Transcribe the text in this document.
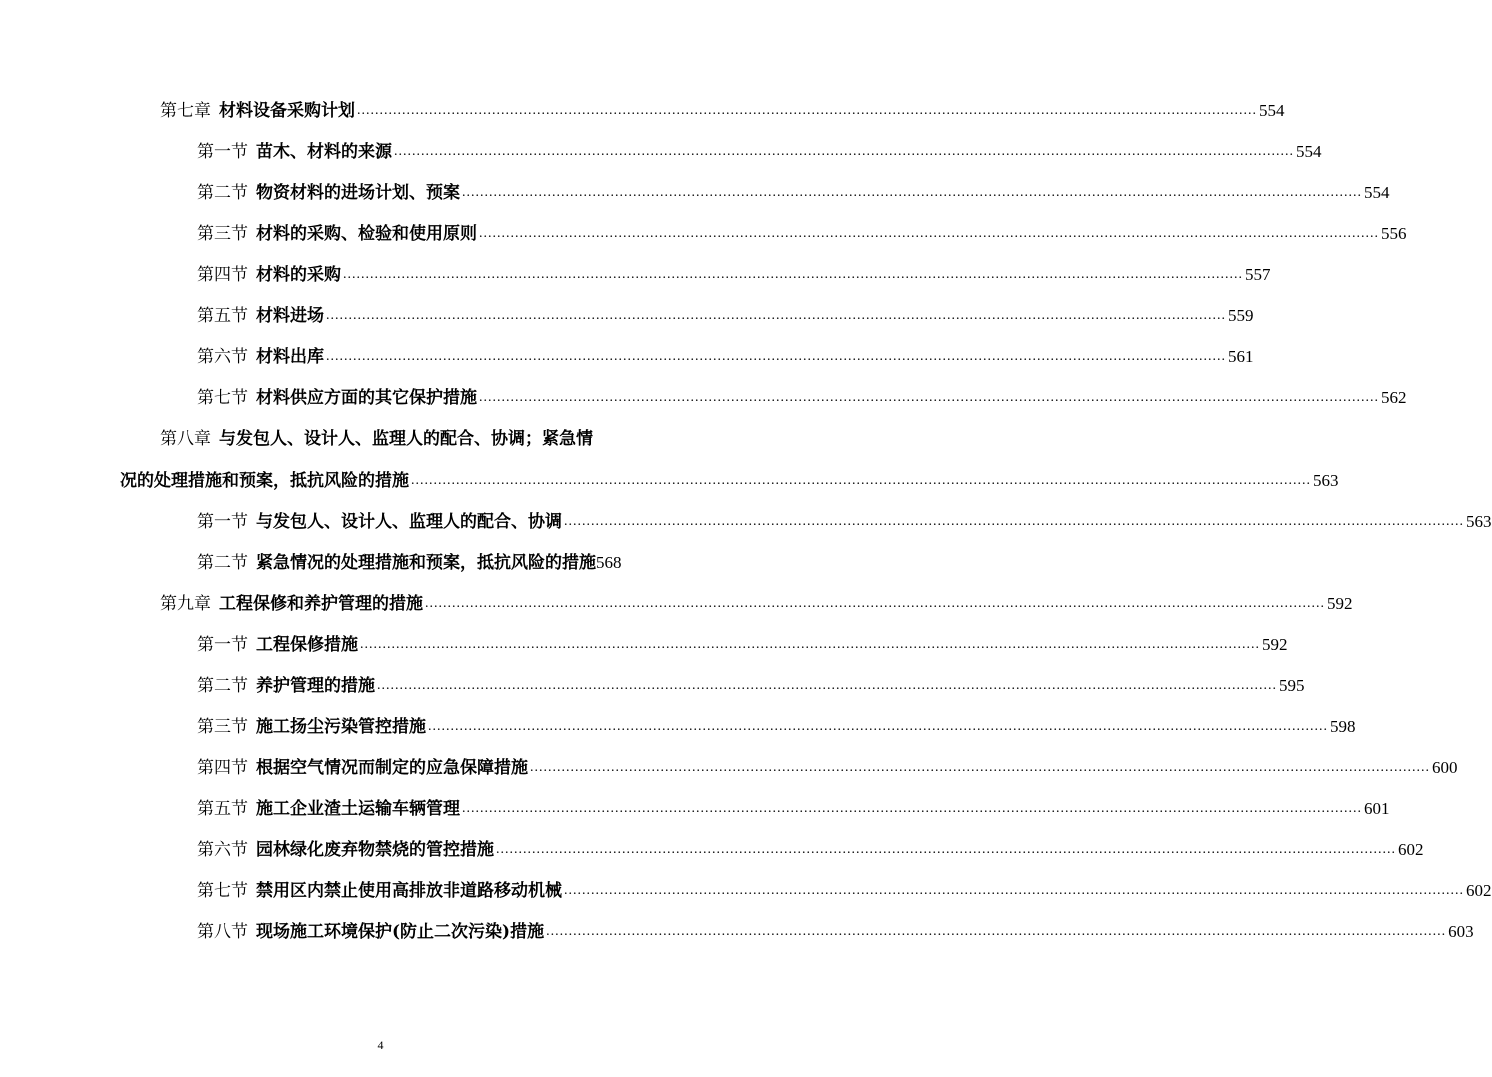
第七章 材料设备采购计划 ........................................................................................................................................................................................................ 554
第一节 苗木、材料的来源 ........................................................................................................................................................................................................ 554
第二节 物资材料的进场计划、预案 ........................................................................................................................................................................................................ 554
第三节 材料的采购、检验和使用原则 ........................................................................................................................................................................................................ 556
第四节 材料的采购 ........................................................................................................................................................................................................ 557
第五节 材料进场 ........................................................................................................................................................................................................ 559
第六节 材料出库 ........................................................................................................................................................................................................ 561
第七节 材料供应方面的其它保护措施 ........................................................................................................................................................................................................ 562
第八章 与发包人、设计人、监理人的配合、协调；紧急情
况的处理措施和预案，抵抗风险的措施 ........................................................................................................................................................................................................ 563
第一节 与发包人、设计人、监理人的配合、协调 ........................................................................................................................................................................................................ 563
第二节 紧急情况的处理措施和预案，抵抗风险的措施 568
第九章 工程保修和养护管理的措施 ........................................................................................................................................................................................................ 592
第一节 工程保修措施 ........................................................................................................................................................................................................ 592
第二节 养护管理的措施 ........................................................................................................................................................................................................ 595
第三节 施工扬尘污染管控措施 ........................................................................................................................................................................................................ 598
第四节 根据空气情况而制定的应急保障措施 ........................................................................................................................................................................................................ 600
第五节 施工企业渣土运输车辆管理 ........................................................................................................................................................................................................ 601
第六节 园林绿化废弃物禁烧的管控措施 ........................................................................................................................................................................................................ 602
第七节 禁用区内禁止使用高排放非道路移动机械 ........................................................................................................................................................................................................ 602
第八节 现场施工环境保护(防止二次污染)措施 ........................................................................................................................................................................................................ 603
4
